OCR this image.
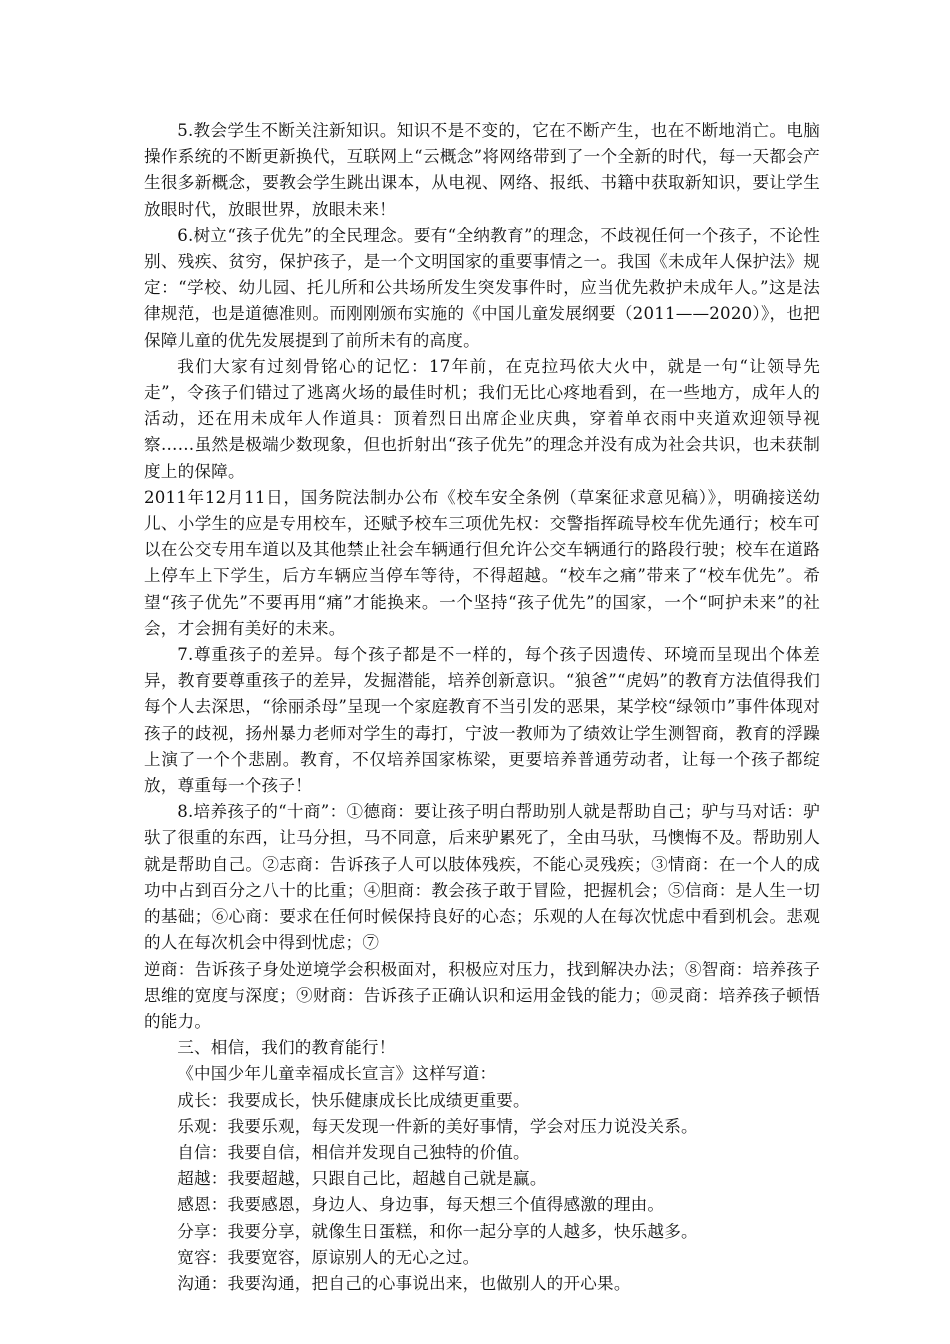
5.教会学生不断关注新知识。知识不是不变的，它在不断产生，也在不断地消亡。电脑操作系统的不断更新换代，互联网上“云概念”将网络带到了一个全新的时代，每一天都会产生很多新概念，要教会学生跳出课本，从电视、网络、报纸、书籍中获取新知识，要让学生放眼时代，放眼世界，放眼未来！

6.树立“孩子优先”的全民理念。要有“全纳教育”的理念，不歧视任何一个孩子，不论性别、残疾、贫穷，保护孩子，是一个文明国家的重要事情之一。我国《未成年人保护法》规定：“学校、幼儿园、托儿所和公共场所发生突发事件时，应当优先救护未成年人。”这是法律规范，也是道德准则。而刚刚颁布实施的《中国儿童发展纲要（2011——2020）》，也把保障儿童的优先发展提到了前所未有的高度。

我们大家有过刻骨铭心的记忆：17年前，在克拉玛依大火中，就是一句“让领导先走”，令孩子们错过了逃离火场的最佳时机；我们无比心疼地看到，在一些地方，成年人的活动，还在用未成年人作道具：顶着烈日出席企业庆典，穿着单衣雨中夹道欢迎领导视察……虽然是极端少数现象，但也折射出“孩子优先”的理念并没有成为社会共识，也未获制度上的保障。

2011年12月11日，国务院法制办公布《校车安全条例（草案征求意见稿）》，明确接送幼儿、小学生的应是专用校车，还赋予校车三项优先权：交警指挥疏导校车优先通行；校车可以在公交专用车道以及其他禁止社会车辆通行但允许公交车辆通行的路段行驶；校车在道路上停车上下学生，后方车辆应当停车等待，不得超越。“校车之痛”带来了“校车优先”。希望“孩子优先”不要再用“痛”才能换来。一个坚持“孩子优先”的国家，一个“呵护未来”的社会，才会拥有美好的未来。

7.尊重孩子的差异。每个孩子都是不一样的，每个孩子因遗传、环境而呈现出个体差异，教育要尊重孩子的差异，发掘潜能，培养创新意识。“狼爸”“虎妈”的教育方法值得我们每个人去深思，“徐丽杀母”呈现一个家庭教育不当引发的恶果，某学校“绿领巾”事件体现对孩子的歧视，扬州暴力老师对学生的毒打，宁波一教师为了绩效让学生测智商，教育的浮躁上演了一个个悲剧。教育，不仅培养国家栋梁，更要培养普通劳动者，让每一个孩子都绽放，尊重每一个孩子！

8.培养孩子的“十商”：①德商：要让孩子明白帮助别人就是帮助自己；驴与马对话：驴驮了很重的东西，让马分担，马不同意，后来驴累死了，全由马驮，马懊悔不及。帮助别人就是帮助自己。②志商：告诉孩子人可以肢体残疾，不能心灵残疾；③情商：在一个人的成功中占到百分之八十的比重；④胆商：教会孩子敢于冒险，把握机会；⑤信商：是人生一切的基础；⑥心商：要求在任何时候保持良好的心态；乐观的人在每次忧虑中看到机会。悲观的人在每次机会中得到忧虑；⑦

逆商：告诉孩子身处逆境学会积极面对，积极应对压力，找到解决办法；⑧智商：培养孩子思维的宽度与深度；⑨财商：告诉孩子正确认识和运用金钱的能力；⑩灵商：培养孩子顿悟的能力。

三、相信，我们的教育能行！

《中国少年儿童幸福成长宣言》这样写道：

成长：我要成长，快乐健康成长比成绩更重要。

乐观：我要乐观，每天发现一件新的美好事情，学会对压力说没关系。

自信：我要自信，相信并发现自己独特的价值。

超越：我要超越，只跟自己比，超越自己就是赢。

感恩：我要感恩，身边人、身边事，每天想三个值得感激的理由。

分享：我要分享，就像生日蛋糕，和你一起分享的人越多，快乐越多。

宽容：我要宽容，原谅别人的无心之过。

沟通：我要沟通，把自己的心事说出来，也做别人的开心果。
